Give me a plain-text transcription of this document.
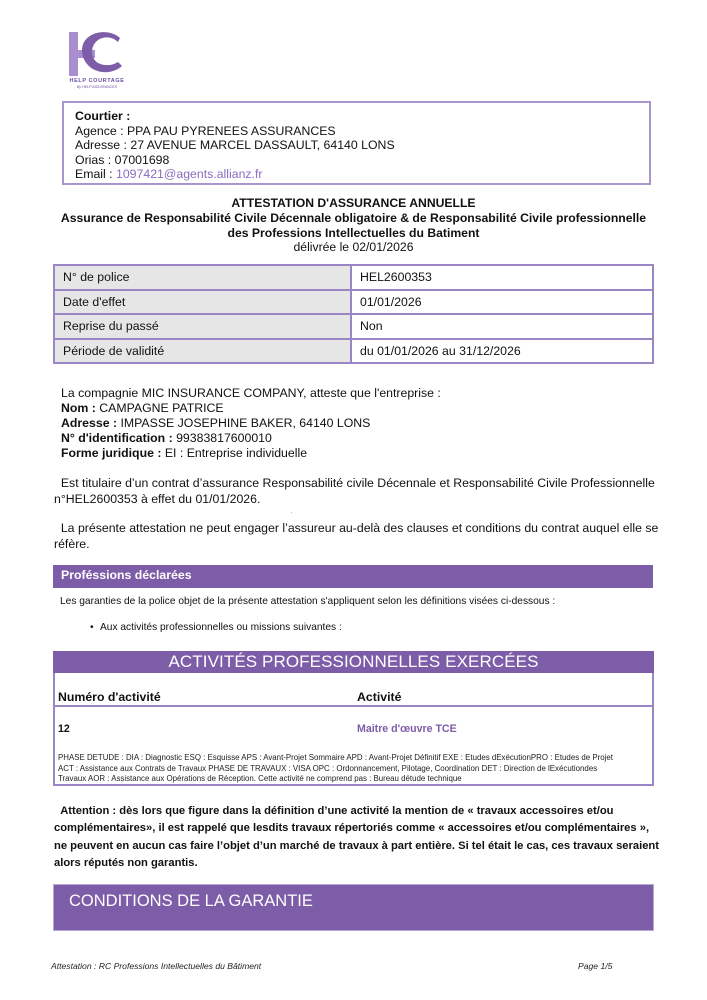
HELP COURTAGE
By HELP ASSURANCES
Courtier :
Agence : PPA PAU PYRENEES ASSURANCES
Adresse : 27 AVENUE MARCEL DASSAULT, 64140 LONS
Orias : 07001698
Email : 1097421@agents.allianz.fr
ATTESTATION D'ASSURANCE ANNUELLE
Assurance de Responsabilité Civile Décennale obligatoire & de Responsabilité Civile professionnelle
des Professions Intellectuelles du Batiment
délivrée le 02/01/2026
N° de police	HEL2600353
Date d'effet	01/01/2026
Reprise du passé	Non
Période de validité	du 01/01/2026 au 31/12/2026
La compagnie MIC INSURANCE COMPANY, atteste que l'entreprise :
Nom : CAMPAGNE PATRICE
Adresse : IMPASSE JOSEPHINE BAKER, 64140 LONS
N° d'identification : 99383817600010
Forme juridique : EI : Entreprise individuelle
Est titulaire d’un contrat d’assurance Responsabilité civile Décennale et Responsabilité Civile Professionnelle n°HEL2600353 à effet du 01/01/2026.
La présente attestation ne peut engager l’assureur au-delà des clauses et conditions du contrat auquel elle se réfère.
Proféssions déclarées
Les garanties de la police objet de la présente attestation s'appliquent selon les définitions visées ci-dessous :
• Aux activités professionnelles ou missions suivantes :
ACTIVITÉS PROFESSIONNELLES EXERCÉES
Numéro d'activité	Activité
12	Maitre d'œuvre TCE
PHASE DETUDE : DIA : Diagnostic ESQ : Esquisse APS : Avant-Projet Sommaire APD : Avant-Projet Définitif EXE : Etudes dExécutionPRO : Etudes de Projet
ACT : Assistance aux Contrats de Travaux PHASE DE TRAVAUX : VISA OPC : Ordonnancement, Pilotage, Coordination DET : Direction de lExécutiondes
Travaux AOR : Assistance aux Opérations de Réception. Cette activité ne comprend pas : Bureau détude technique
Attention : dès lors que figure dans la définition d’une activité la mention de « travaux accessoires et/ou complémentaires», il est rappelé que lesdits travaux répertoriés comme « accessoires et/ou complémentaires », ne peuvent en aucun cas faire l’objet d’un marché de travaux à part entière. Si tel était le cas, ces travaux seraient alors réputés non garantis.
CONDITIONS DE LA GARANTIE
Attestation : RC Professions Intellectuelles du Bâtiment	Page 1/5
